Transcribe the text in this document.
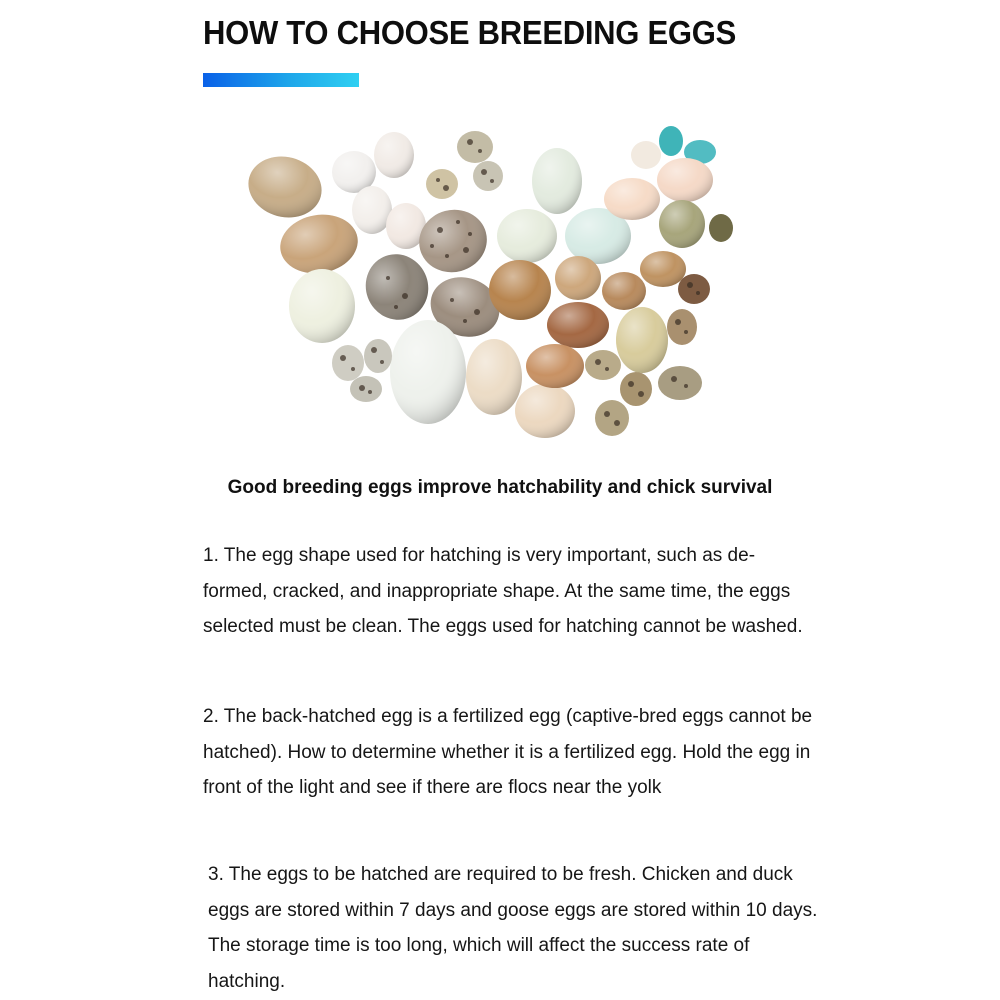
HOW TO CHOOSE BREEDING EGGS

Good breeding eggs improve hatchability and chick survival

1. The egg shape used for hatching is very important, such as de-formed, cracked, and inappropriate shape. At the same time, the eggs selected must be clean. The eggs used for hatching cannot be washed.

2. The back-hatched egg is a fertilized egg (captive-bred eggs cannot be hatched). How to determine whether it is a fertilized egg. Hold the egg in front of the light and see if there are flocs near the yolk

3. The eggs to be hatched are required to be fresh. Chicken and duck eggs are stored within 7 days and goose eggs are stored within 10 days. The storage time is too long, which will affect the success rate of hatching.
